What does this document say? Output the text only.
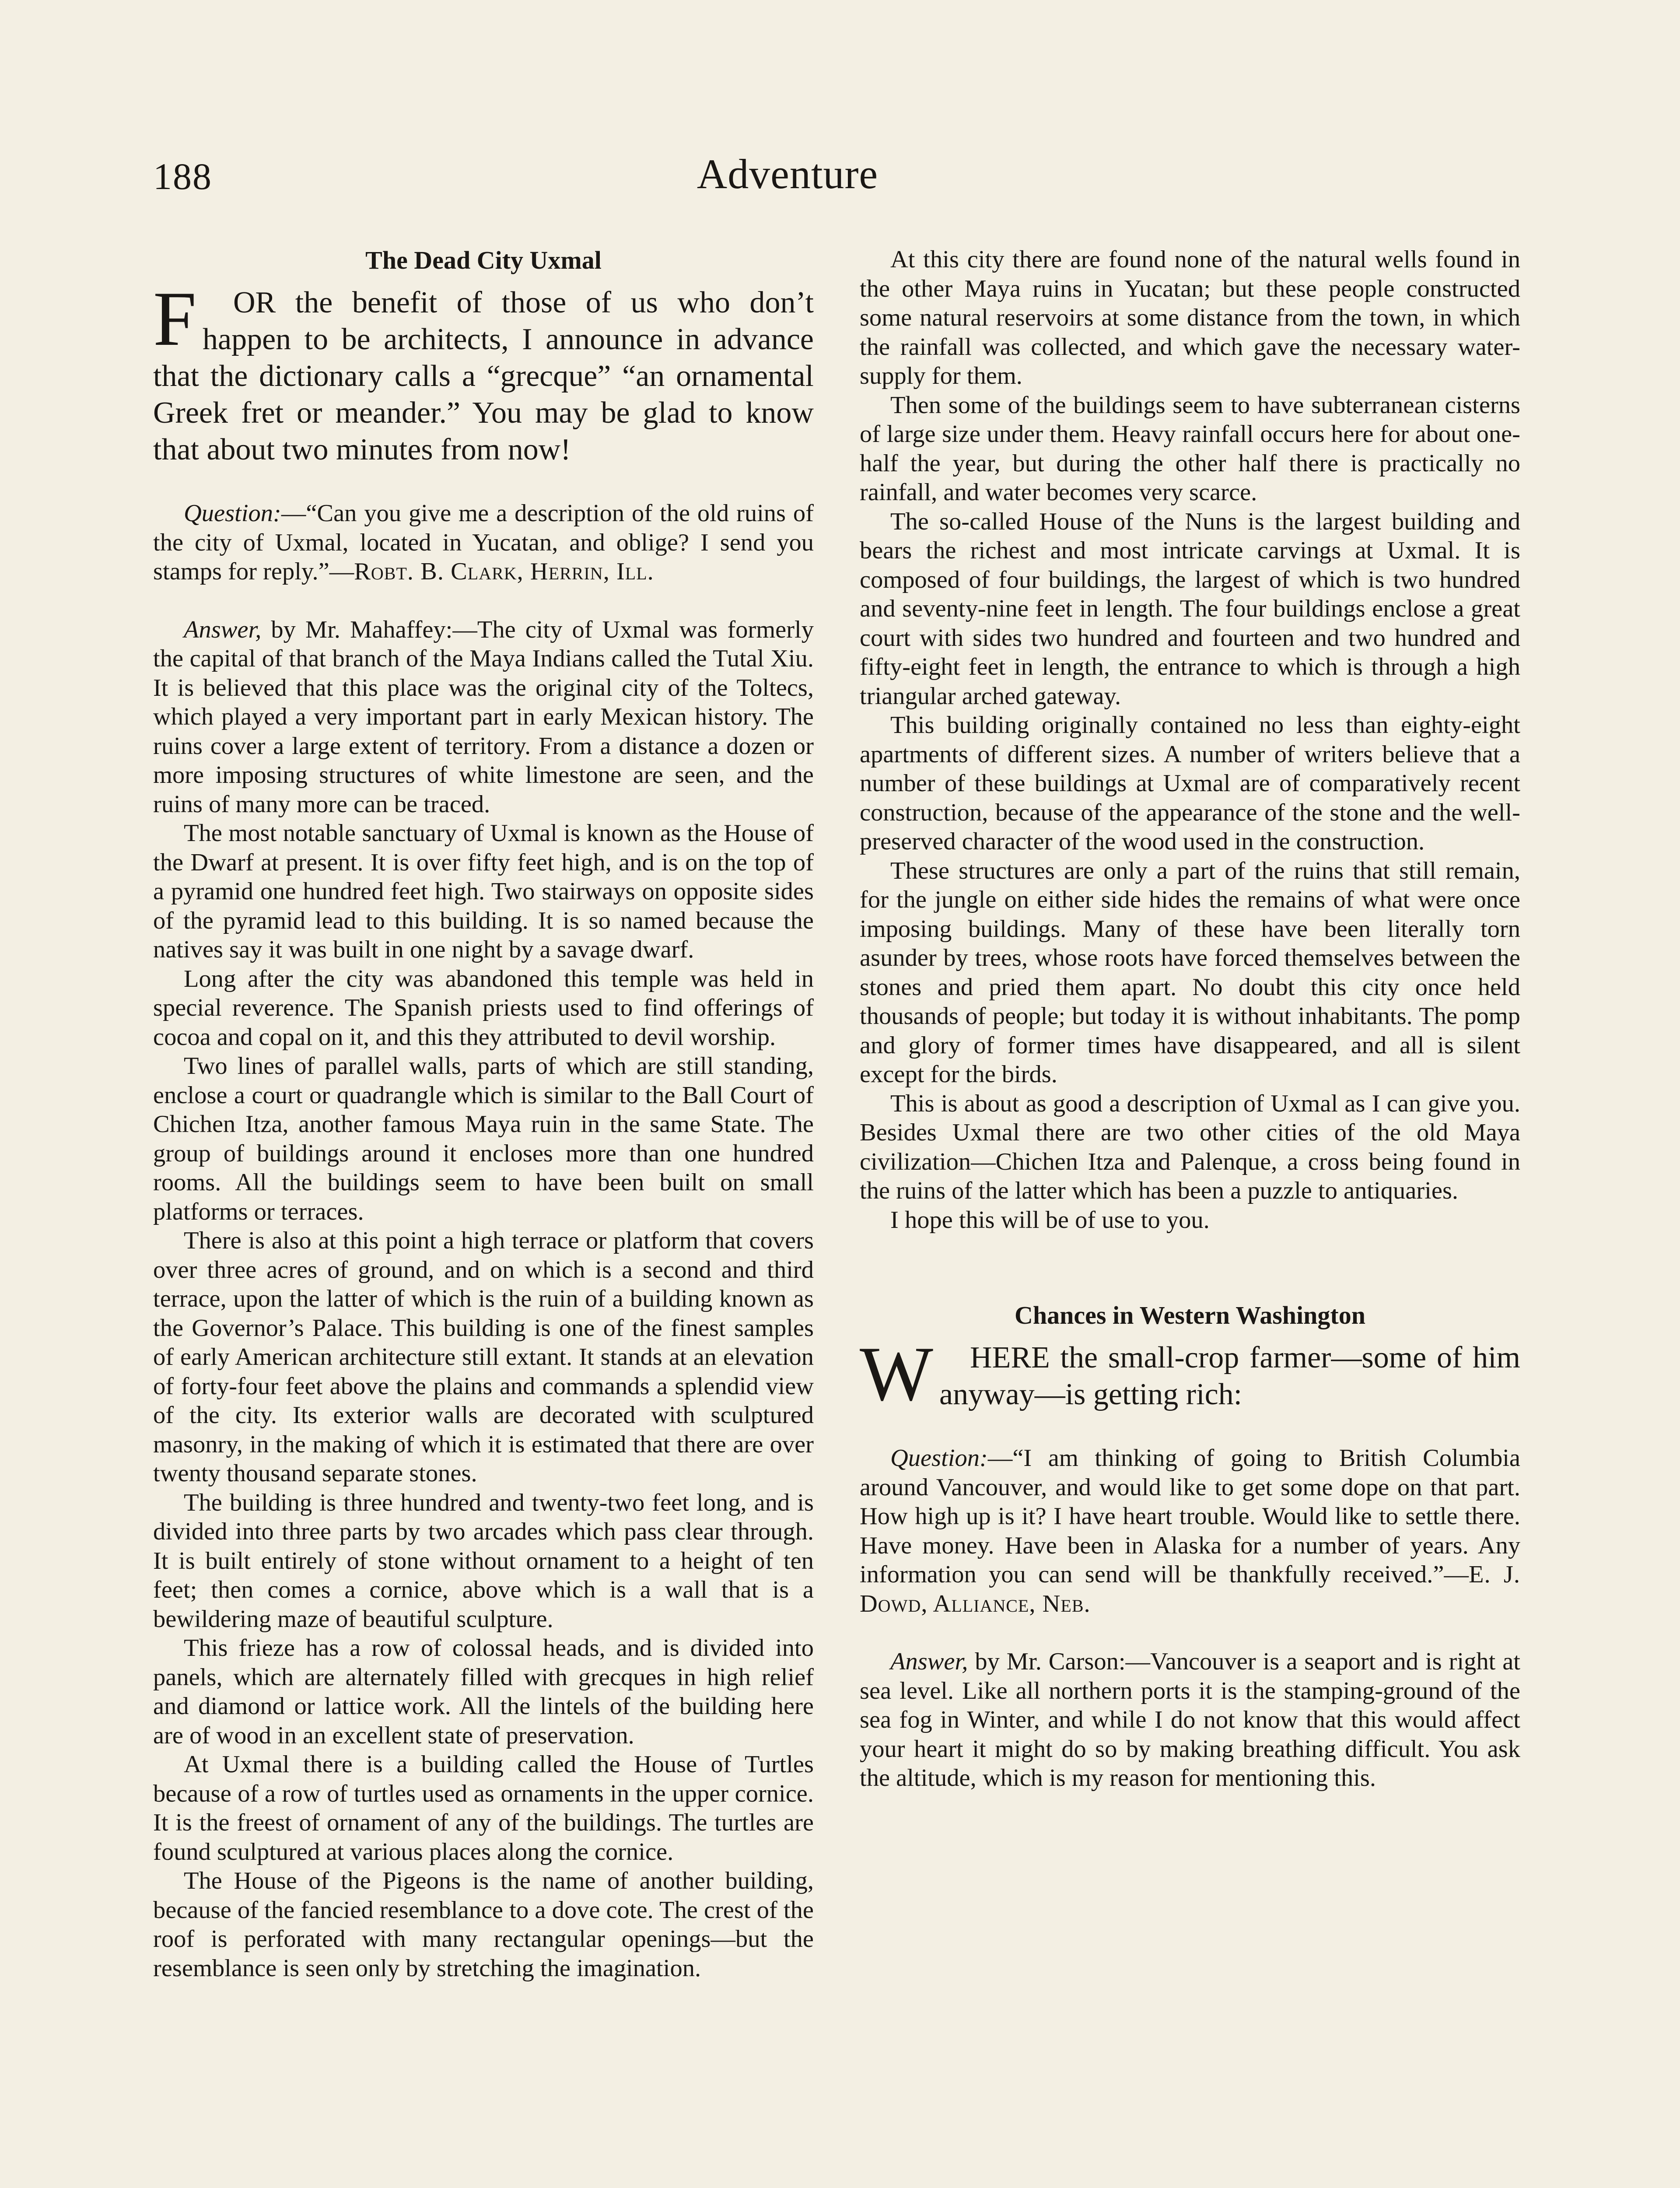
188	Adventure
The Dead City Uxmal
F	OR the benefit of those of us who don’t happen to be architects, I announce in advance that the dictionary calls a “grecque” “an ornamental Greek fret or meander.” You may be glad to know that about two minutes from now!

Question:—“Can you give me a description of the old ruins of the city of Uxmal, located in Yucatan, and oblige? I send you stamps for reply.”—Robt. B. Clark, Herrin, Ill.

Answer, by Mr. Mahaffey:—The city of Uxmal was formerly the capital of that branch of the Maya Indians called the Tutal Xiu. It is believed that this place was the original city of the Toltecs, which played a very important part in early Mexican history. The ruins cover a large extent of territory. From a distance a dozen or more imposing structures of white limestone are seen, and the ruins of many more can be traced.

The most notable sanctuary of Uxmal is known as the House of the Dwarf at present. It is over fifty feet high, and is on the top of a pyramid one hundred feet high. Two stairways on opposite sides of the pyramid lead to this building. It is so named because the natives say it was built in one night by a savage dwarf.

Long after the city was abandoned this temple was held in special reverence. The Spanish priests used to find offerings of cocoa and copal on it, and this they attributed to devil worship.

Two lines of parallel walls, parts of which are still standing, enclose a court or quadrangle which is similar to the Ball Court of Chichen Itza, another famous Maya ruin in the same State. The group of buildings around it encloses more than one hundred rooms. All the buildings seem to have been built on small platforms or terraces.

There is also at this point a high terrace or platform that covers over three acres of ground, and on which is a second and third terrace, upon the latter of which is the ruin of a building known as the Governor’s Palace. This building is one of the finest samples of early American architecture still extant. It stands at an elevation of forty-four feet above the plains and commands a splendid view of the city. Its exterior walls are decorated with sculptured masonry, in the making of which it is estimated that there are over twenty thousand separate stones.

The building is three hundred and twenty-two feet long, and is divided into three parts by two arcades which pass clear through. It is built entirely of stone without ornament to a height of ten feet; then comes a cornice, above which is a wall that is a bewildering maze of beautiful sculpture.

This frieze has a row of colossal heads, and is divided into panels, which are alternately filled with grecques in high relief and diamond or lattice work. All the lintels of the building here are of wood in an excellent state of preservation.

At Uxmal there is a building called the House of Turtles because of a row of turtles used as ornaments in the upper cornice. It is the freest of ornament of any of the buildings. The turtles are found sculptured at various places along the cornice.

The House of the Pigeons is the name of another building, because of the fancied resemblance to a dove cote. The crest of the roof is perforated with many rectangular openings—but the resemblance is seen only by stretching the imagination.

At this city there are found none of the natural wells found in the other Maya ruins in Yucatan; but these people constructed some natural reservoirs at some distance from the town, in which the rainfall was collected, and which gave the necessary water-supply for them.

Then some of the buildings seem to have subterranean cisterns of large size under them. Heavy rainfall occurs here for about one-half the year, but during the other half there is practically no rainfall, and water becomes very scarce.

The so-called House of the Nuns is the largest building and bears the richest and most intricate carvings at Uxmal. It is composed of four buildings, the largest of which is two hundred and seventy-nine feet in length. The four buildings enclose a great court with sides two hundred and fourteen and two hundred and fifty-eight feet in length, the entrance to which is through a high triangular arched gateway.

This building originally contained no less than eighty-eight apartments of different sizes. A number of writers believe that a number of these buildings at Uxmal are of comparatively recent construction, because of the appearance of the stone and the well-preserved character of the wood used in the construction.

These structures are only a part of the ruins that still remain, for the jungle on either side hides the remains of what were once imposing buildings. Many of these have been literally torn asunder by trees, whose roots have forced themselves between the stones and pried them apart. No doubt this city once held thousands of people; but today it is without inhabitants. The pomp and glory of former times have disappeared, and all is silent except for the birds.

This is about as good a description of Uxmal as I can give you. Besides Uxmal there are two other cities of the old Maya civilization—Chichen Itza and Palenque, a cross being found in the ruins of the latter which has been a puzzle to antiquaries.

I hope this will be of use to you.

Chances in Western Washington
W	HERE the small-crop farmer—some of him anyway—is getting rich:

Question:—“I am thinking of going to British Columbia around Vancouver, and would like to get some dope on that part. How high up is it? I have heart trouble. Would like to settle there. Have money. Have been in Alaska for a number of years. Any information you can send will be thankfully received.”—E. J. Dowd, Alliance, Neb.

Answer, by Mr. Carson:—Vancouver is a seaport and is right at sea level. Like all northern ports it is the stamping-ground of the sea fog in Winter, and while I do not know that this would affect your heart it might do so by making breathing difficult. You ask the altitude, which is my reason for mentioning this.
